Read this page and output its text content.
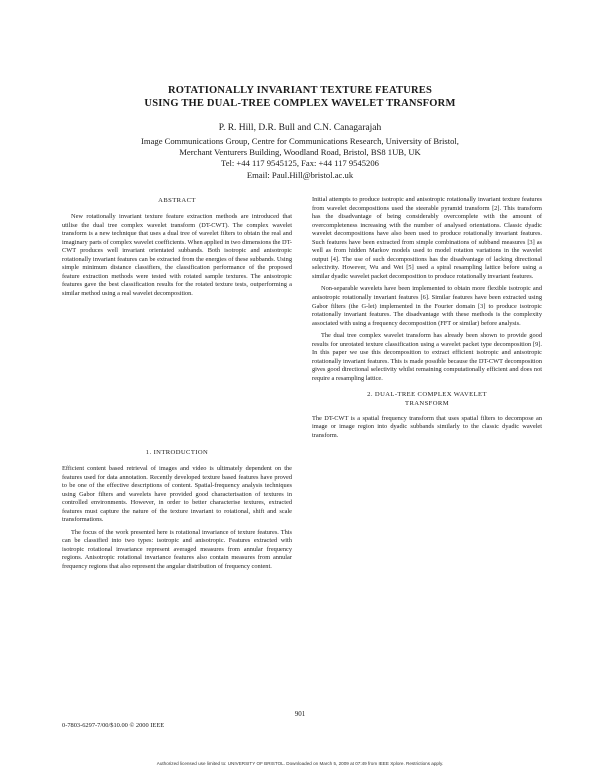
ROTATIONALLY INVARIANT TEXTURE FEATURES
USING THE DUAL-TREE COMPLEX WAVELET TRANSFORM
P. R. Hill, D.R. Bull and C.N. Canagarajah
Image Communications Group, Centre for Communications Research, University of Bristol,
Merchant Venturers Building, Woodland Road, Bristol, BS8 1UB, UK
Tel: +44 117 9545125, Fax: +44 117 9545206
Email: Paul.Hill@bristol.ac.uk
ABSTRACT

New rotationally invariant texture feature extraction methods are introduced that utilise the dual tree complex wavelet transform (DT-CWT). The complex wavelet transform is a new technique that uses a dual tree of wavelet filters to obtain the real and imaginary parts of complex wavelet coefficients. When applied in two dimensions the DT-CWT produces well invariant orientated subbands. Both isotropic and anisotropic rotationally invariant features can be extracted from the energies of these subbands. Using simple minimum distance classifiers, the classification performance of the proposed feature extraction methods were tested with rotated sample textures. The anisotropic features gave the best classification results for the rotated texture tests, outperforming a similar method using a real wavelet decomposition.

1. INTRODUCTION

Efficient content based retrieval of images and video is ultimately dependent on the features used for data annotation. Recently developed texture based features have proved to be one of the effective descriptions of content. Spatial-frequency analysis techniques using Gabor filters and wavelets have provided good characterisation of textures in controlled environments. However, in order to better characterise textures, extracted features must capture the nature of the texture invariant to rotational, shift and scale transformations.

The focus of the work presented here is rotational invariance of texture features. This can be classified into two types: isotropic and anisotropic. Features extracted with isotropic rotational invariance represent averaged measures from annular frequency regions. Anisotropic rotational invariance features also contain measures from annular frequency regions that also represent the angular distribution of frequency content.

Initial attempts to produce isotropic and anisotropic rotationally invariant texture features from wavelet decompositions used the steerable pyramid transform [2]. This transform has the disadvantage of being considerably overcomplete with the amount of overcompleteness increasing with the number of analysed orientations. Classic dyadic wavelet decompositions have also been used to produce rotationally invariant features. Such features have been extracted from simple combinations of subband measures [3] as well as from hidden Markov models used to model rotation variations in the wavelet output [4]. The use of such decompositions has the disadvantage of lacking directional selectivity. However, Wu and Wei [5] used a spiral resampling lattice before using a similar dyadic wavelet packet decomposition to produce rotationally invariant features.

Non-separable wavelets have been implemented to obtain more flexible isotropic and anisotropic rotationally invariant features [6]. Similar features have been extracted using Gabor filters (the G-let) implemented in the Fourier domain [3] to produce isotropic rotationally invariant features. The disadvantage with these methods is the complexity associated with using a frequency decomposition (FFT or similar) before analysis.

The dual tree complex wavelet transform has already been shown to provide good results for unrotated texture classification using a wavelet packet type decomposition [9]. In this paper we use this decomposition to extract efficient isotropic and anisotropic rotationally invariant features. This is made possible because the DT-CWT decomposition gives good directional selectivity whilst remaining computationally efficient and does not require a resampling lattice.

2. DUAL-TREE COMPLEX WAVELET
TRANSFORM

The DT-CWT is a spatial frequency transform that uses spatial filters to decompose an image or image region into dyadic subbands similarly to the classic dyadic wavelet transform.

901
0-7803-6297-7/00/$10.00 © 2000 IEEE
Authorized licensed use limited to: UNIVERSITY OF BRISTOL. Downloaded on March 5, 2009 at 07:49 from IEEE Xplore. Restrictions apply.
